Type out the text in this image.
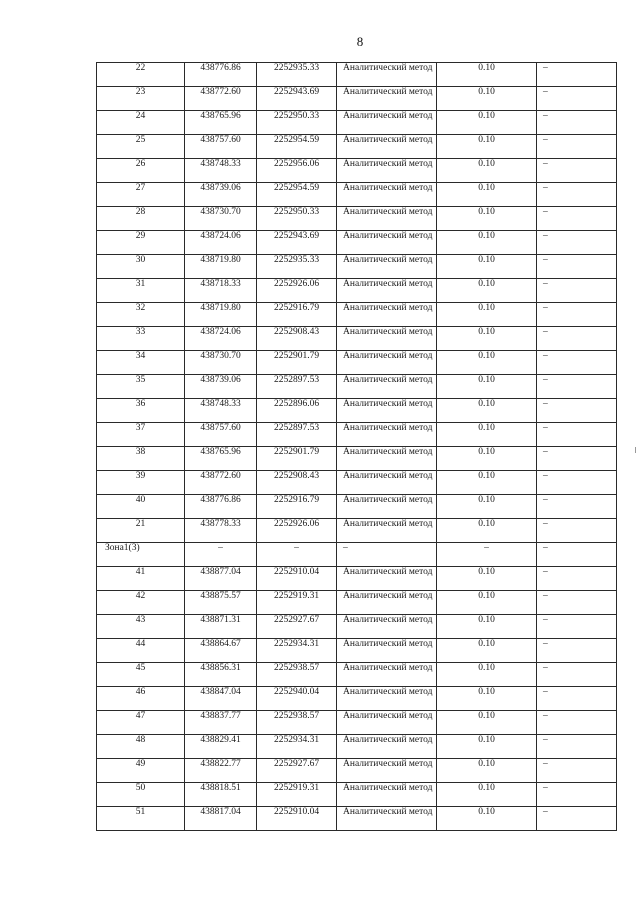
8
22	438776.86	2252935.33	Аналитический метод	0.10	–
23	438772.60	2252943.69	Аналитический метод	0.10	–
24	438765.96	2252950.33	Аналитический метод	0.10	–
25	438757.60	2252954.59	Аналитический метод	0.10	–
26	438748.33	2252956.06	Аналитический метод	0.10	–
27	438739.06	2252954.59	Аналитический метод	0.10	–
28	438730.70	2252950.33	Аналитический метод	0.10	–
29	438724.06	2252943.69	Аналитический метод	0.10	–
30	438719.80	2252935.33	Аналитический метод	0.10	–
31	438718.33	2252926.06	Аналитический метод	0.10	–
32	438719.80	2252916.79	Аналитический метод	0.10	–
33	438724.06	2252908.43	Аналитический метод	0.10	–
34	438730.70	2252901.79	Аналитический метод	0.10	–
35	438739.06	2252897.53	Аналитический метод	0.10	–
36	438748.33	2252896.06	Аналитический метод	0.10	–
37	438757.60	2252897.53	Аналитический метод	0.10	–
38	438765.96	2252901.79	Аналитический метод	0.10	–
39	438772.60	2252908.43	Аналитический метод	0.10	–
40	438776.86	2252916.79	Аналитический метод	0.10	–
21	438778.33	2252926.06	Аналитический метод	0.10	–
Зона1(3)	–	–	–	–	–
41	438877.04	2252910.04	Аналитический метод	0.10	–
42	438875.57	2252919.31	Аналитический метод	0.10	–
43	438871.31	2252927.67	Аналитический метод	0.10	–
44	438864.67	2252934.31	Аналитический метод	0.10	–
45	438856.31	2252938.57	Аналитический метод	0.10	–
46	438847.04	2252940.04	Аналитический метод	0.10	–
47	438837.77	2252938.57	Аналитический метод	0.10	–
48	438829.41	2252934.31	Аналитический метод	0.10	–
49	438822.77	2252927.67	Аналитический метод	0.10	–
50	438818.51	2252919.31	Аналитический метод	0.10	–
51	438817.04	2252910.04	Аналитический метод	0.10	–
